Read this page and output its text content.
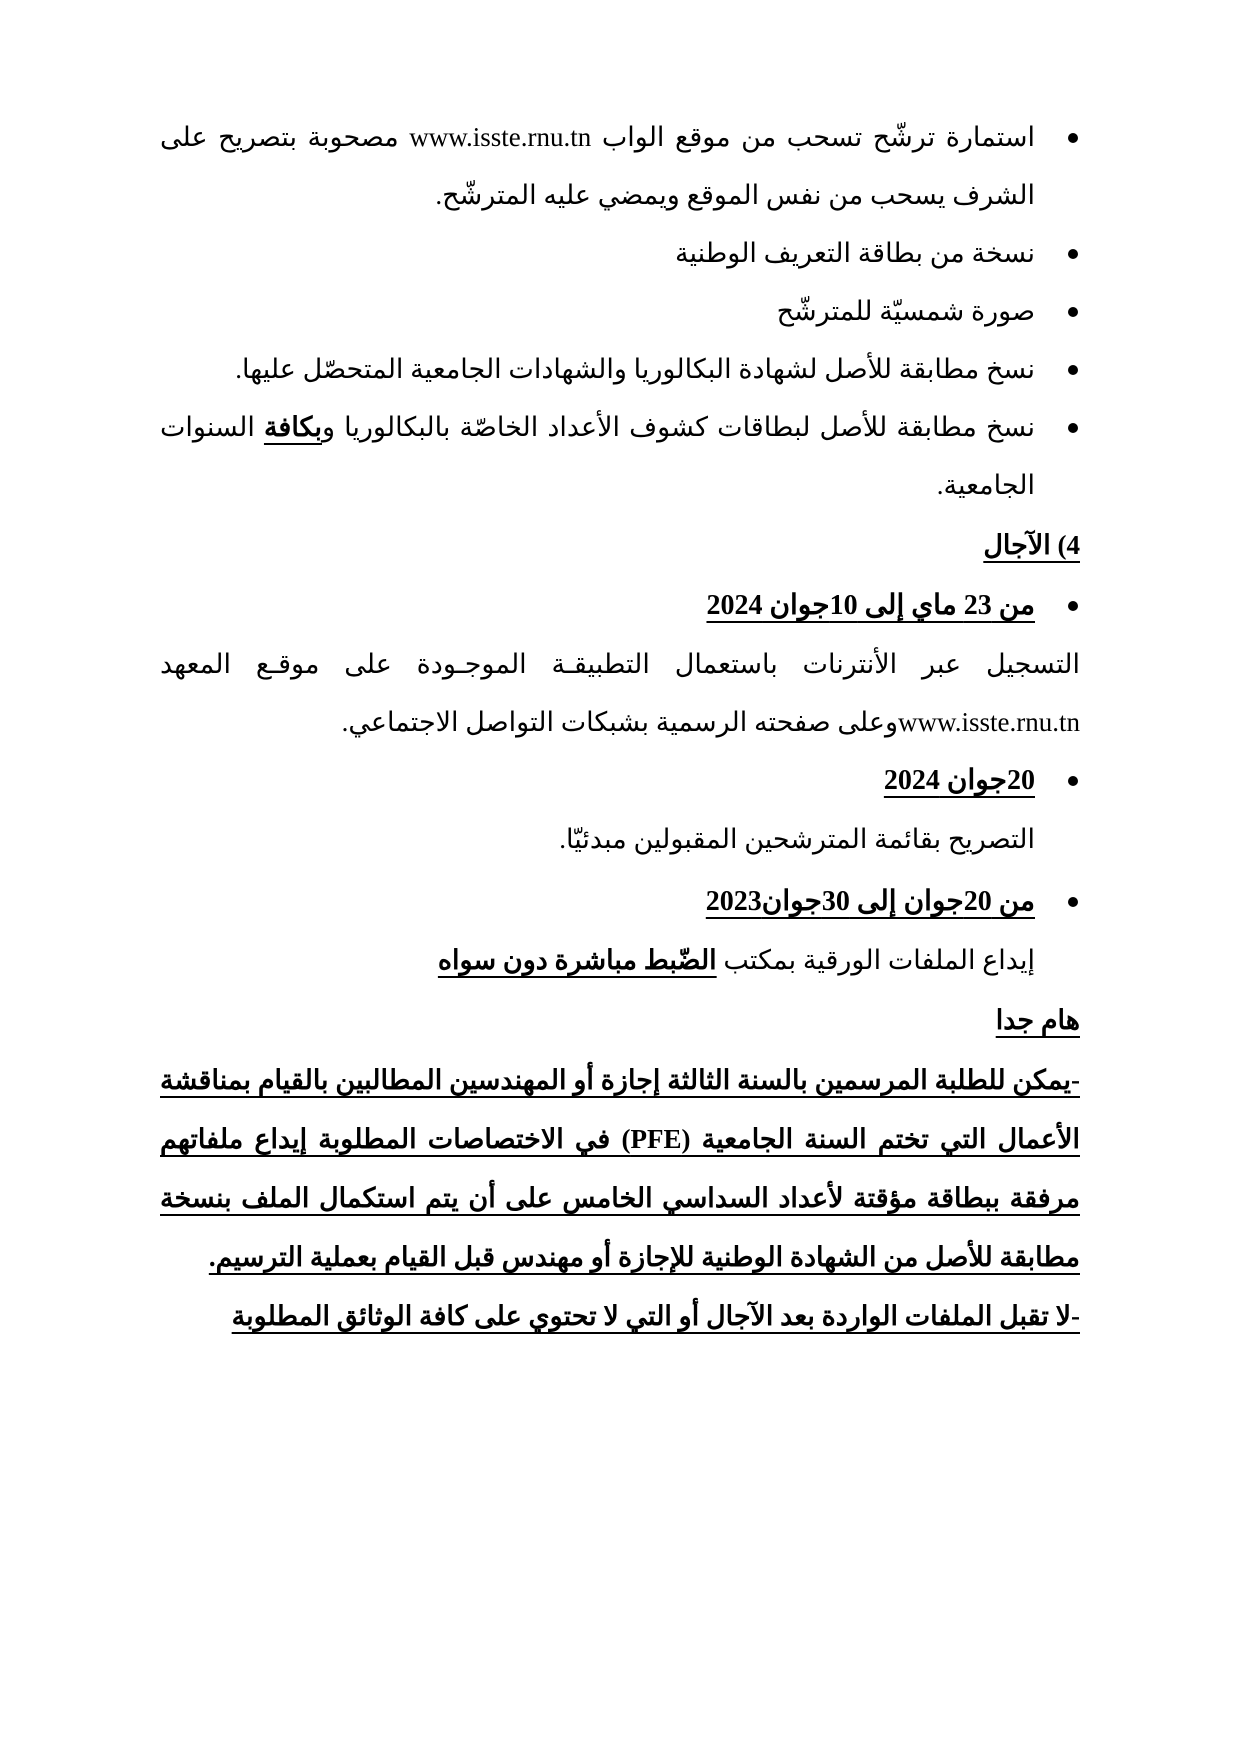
استمارة ترشّح تسحب من موقع الواب www.isste.rnu.tn مصحوبة بتصريح على الشرف يسحب من نفس الموقع ويمضي عليه المترشّح.
نسخة من بطاقة التعريف الوطنية
صورة شمسيّة للمترشّح
نسخ مطابقة للأصل لشهادة البكالوريا والشهادات الجامعية المتحصّل عليها.
نسخ مطابقة للأصل لبطاقات كشوف الأعداد الخاصّة بالبكالوريا وبكافة السنوات الجامعية.

4) الآجال

من 23 ماي إلى 10جوان 2024

التسجيل عبر الأنترنات باستعمال التطبيقـة الموجـودة على موقـع المعهد

www.isste.rnu.tnوعلى صفحته الرسمية بشبكات التواصل الاجتماعي.

20جوان 2024

التصريح بقائمة المترشحين المقبولين مبدئيّا.

من 20جوان إلى 30جوان2023

إيداع الملفات الورقية بمكتب الضّبط مباشرة دون سواه

هام جدا

-يمكن للطلبة المرسمين بالسنة الثالثة إجازة أو المهندسين المطالبين بالقيام بمناقشة

الأعمال التي تختم السنة الجامعية (PFE) في الاختصاصات المطلوبة إيداع ملفاتهم

مرفقة ببطاقة مؤقتة لأعداد السداسي الخامس على أن يتم استكمال الملف بنسخة

مطابقة للأصل من الشهادة الوطنية للإجازة أو مهندس قبل القيام بعملية الترسيم.

-لا تقبل الملفات الواردة بعد الآجال أو التي لا تحتوي على كافة الوثائق المطلوبة
